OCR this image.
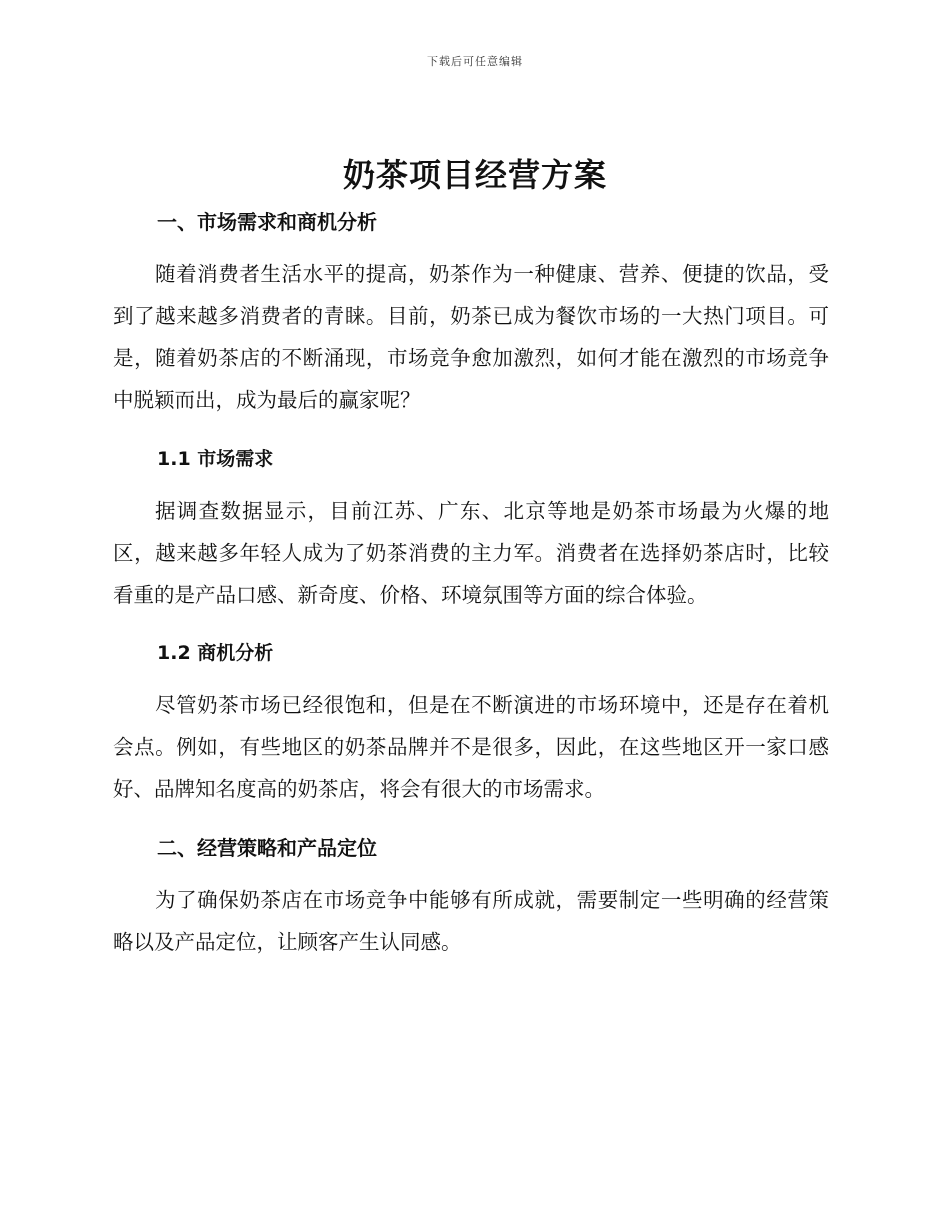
下载后可任意编辑
奶茶项目经营方案
一、市场需求和商机分析

随着消费者生活水平的提高，奶茶作为一种健康、营养、便捷的饮品，受到了越来越多消费者的青睐。目前，奶茶已成为餐饮市场的一大热门项目。可是，随着奶茶店的不断涌现，市场竞争愈加激烈，如何才能在激烈的市场竞争中脱颖而出，成为最后的赢家呢？

1.1 市场需求

据调查数据显示，目前江苏、广东、北京等地是奶茶市场最为火爆的地区，越来越多年轻人成为了奶茶消费的主力军。消费者在选择奶茶店时，比较看重的是产品口感、新奇度、价格、环境氛围等方面的综合体验。

1.2 商机分析

尽管奶茶市场已经很饱和，但是在不断演进的市场环境中，还是存在着机会点。例如，有些地区的奶茶品牌并不是很多，因此，在这些地区开一家口感好、品牌知名度高的奶茶店，将会有很大的市场需求。

二、经营策略和产品定位

为了确保奶茶店在市场竞争中能够有所成就，需要制定一些明确的经营策略以及产品定位，让顾客产生认同感。
